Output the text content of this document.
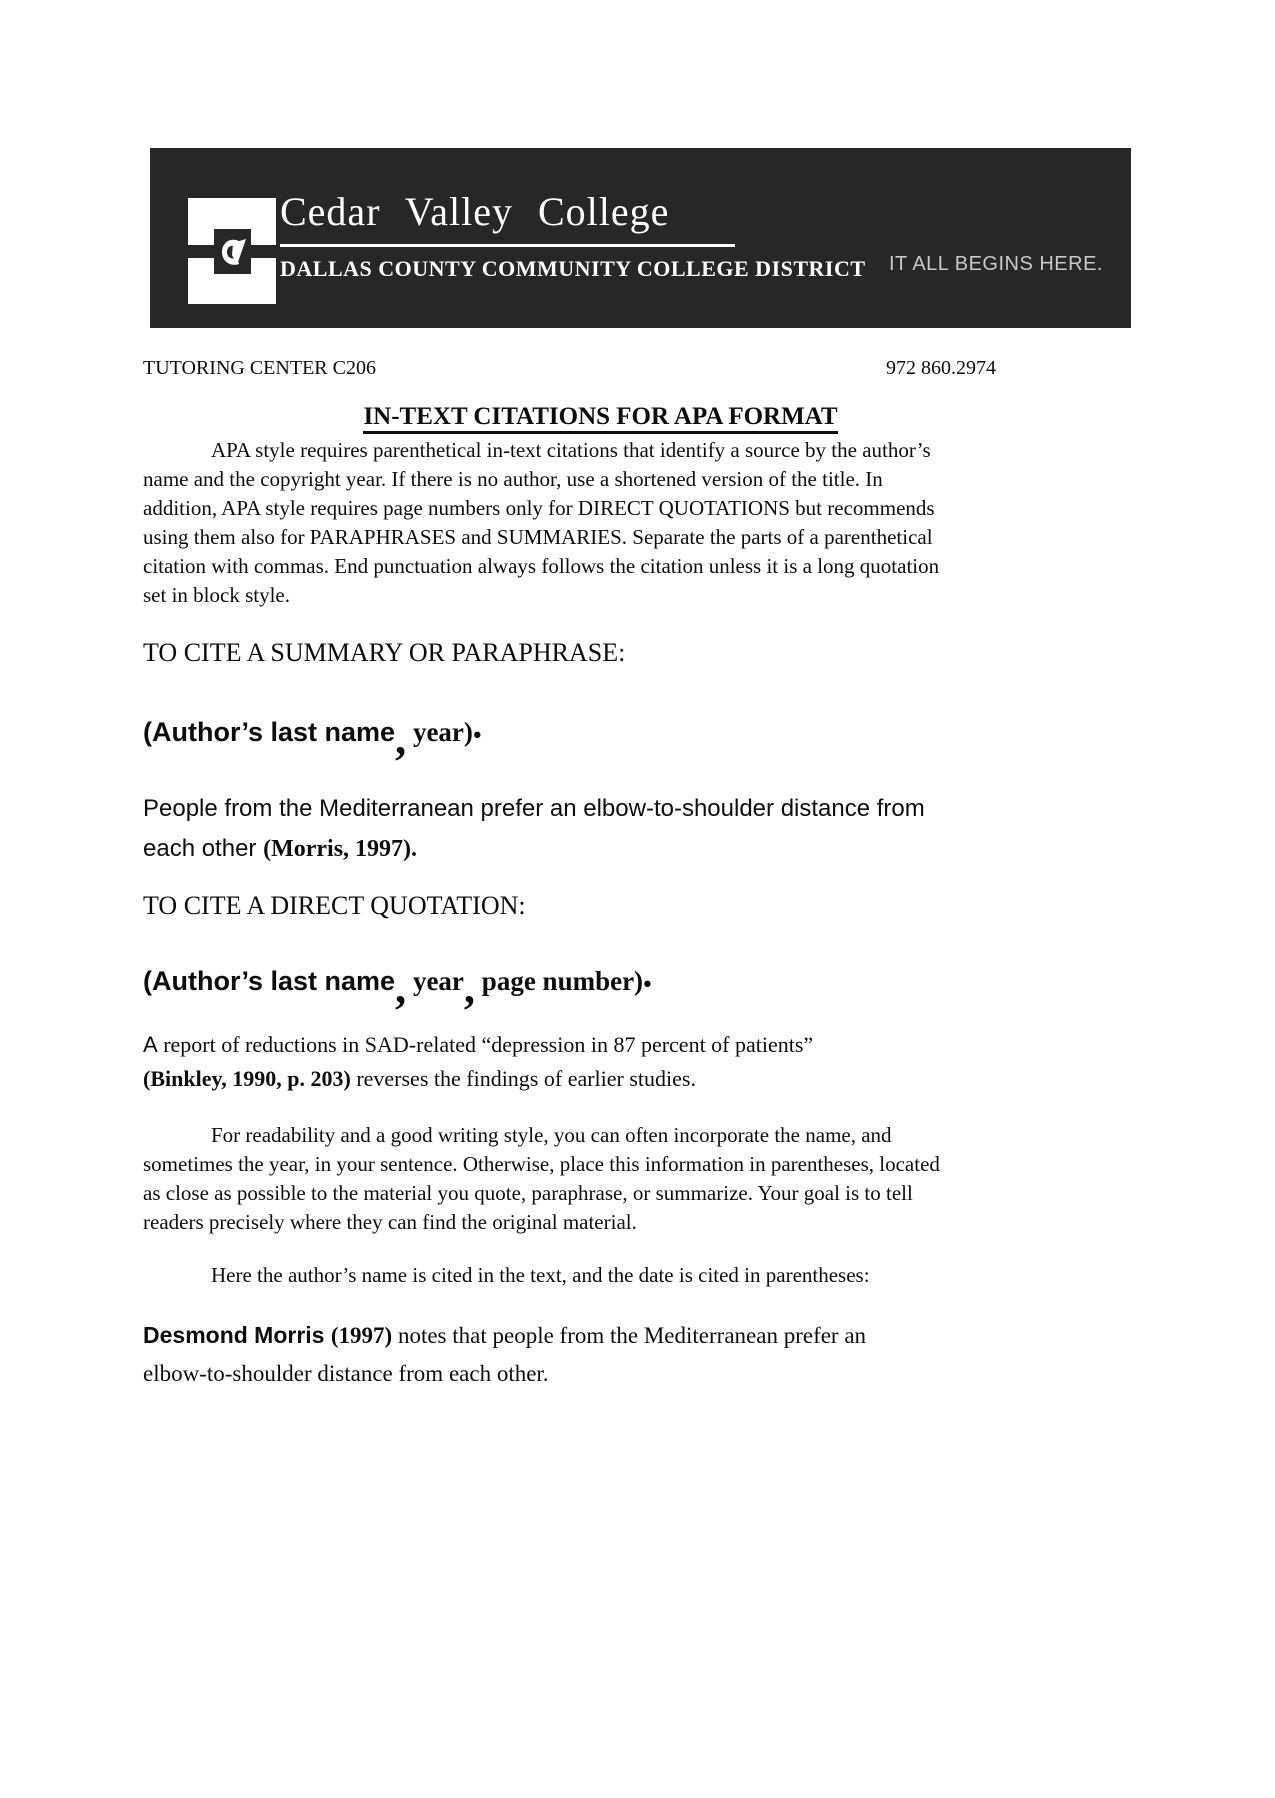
Cedar Valley College
DALLAS COUNTY COMMUNITY COLLEGE DISTRICT IT ALL BEGINS HERE.
TUTORING CENTER C206	972 860.2974
IN-TEXT CITATIONS FOR APA FORMAT
APA style requires parenthetical in-text citations that identify a source by the author’s
name and the copyright year. If there is no author, use a shortened version of the title. In
addition, APA style requires page numbers only for DIRECT QUOTATIONS but recommends
using them also for PARAPHRASES and SUMMARIES. Separate the parts of a parenthetical
citation with commas. End punctuation always follows the citation unless it is a long quotation
set in block style.
TO CITE A SUMMARY OR PARAPHRASE:
(Author’s last name, year)●
People from the Mediterranean prefer an elbow-to-shoulder distance from
each other (Morris, 1997).
TO CITE A DIRECT QUOTATION:
(Author’s last name, year, page number)●
A report of reductions in SAD-related “depression in 87 percent of patients”
(Binkley, 1990, p. 203) reverses the findings of earlier studies.
For readability and a good writing style, you can often incorporate the name, and
sometimes the year, in your sentence. Otherwise, place this information in parentheses, located
as close as possible to the material you quote, paraphrase, or summarize. Your goal is to tell
readers precisely where they can find the original material.
Here the author’s name is cited in the text, and the date is cited in parentheses:
Desmond Morris (1997) notes that people from the Mediterranean prefer an
elbow-to-shoulder distance from each other.
